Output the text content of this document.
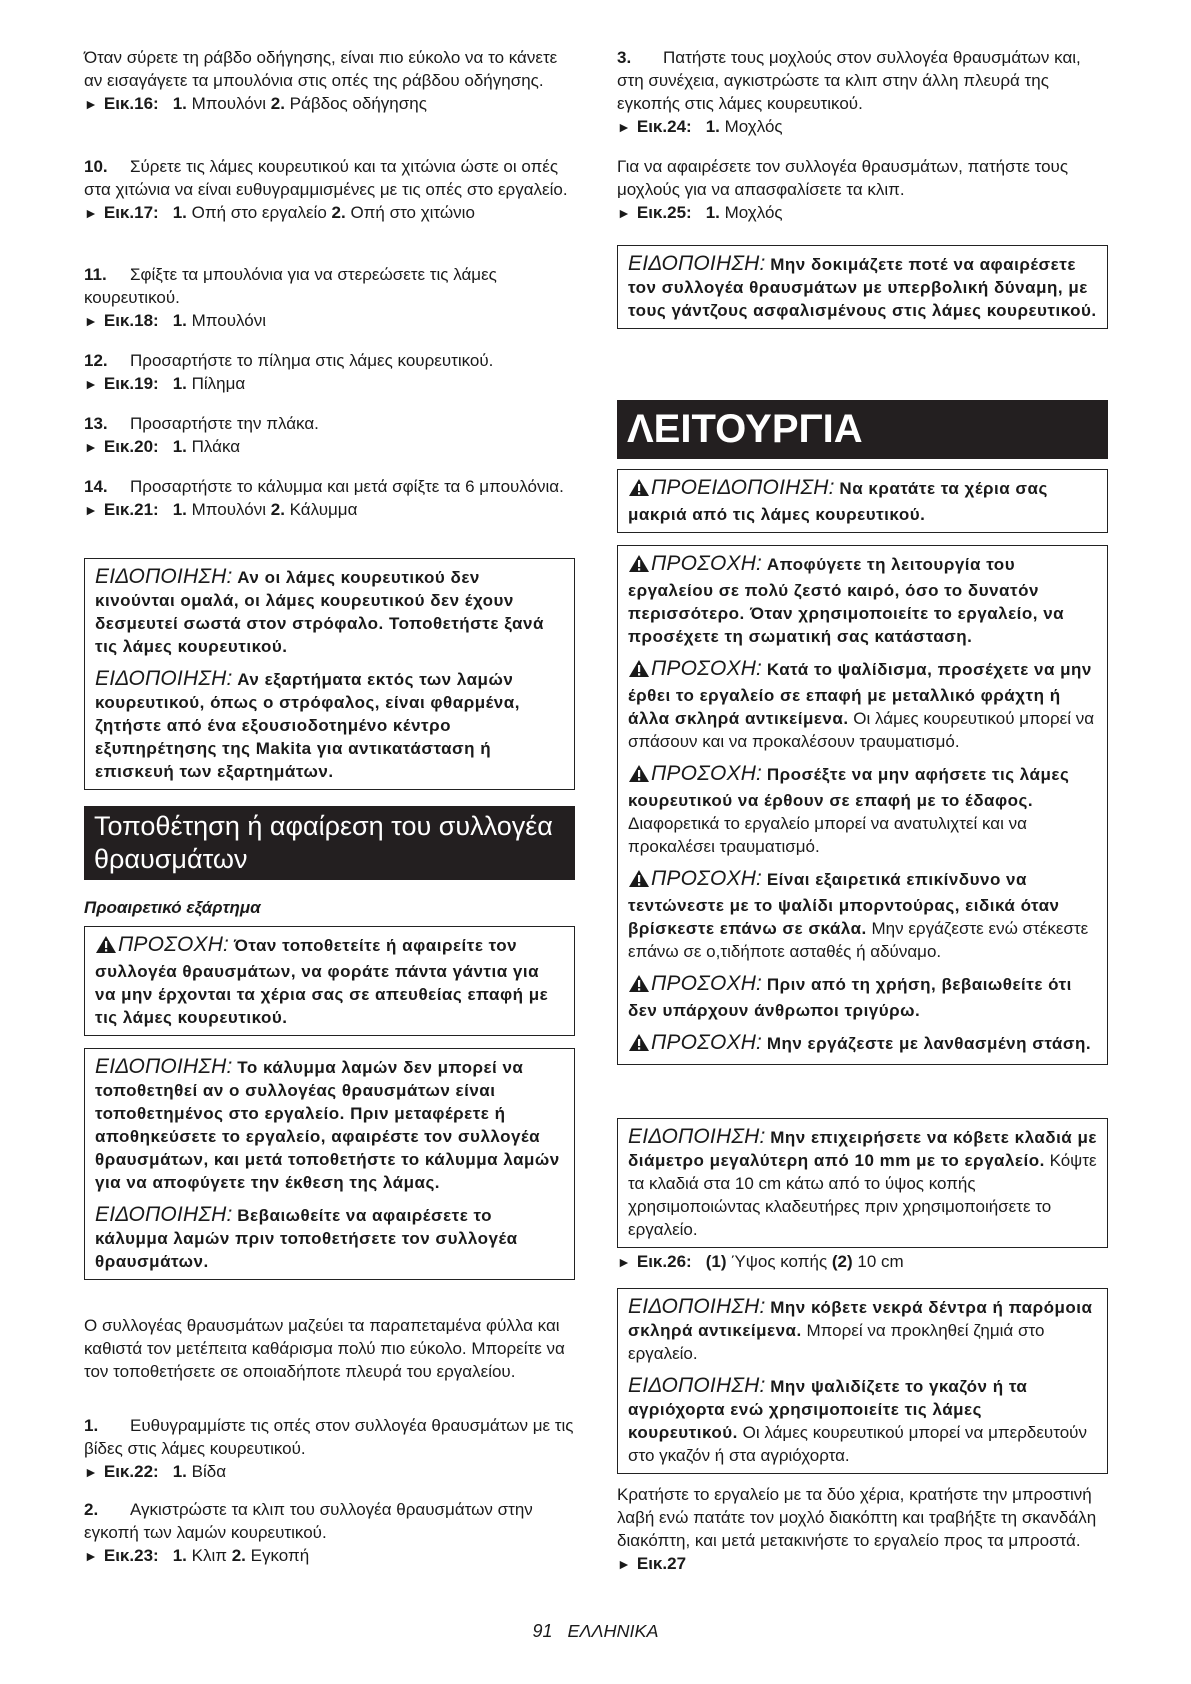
Όταν σύρετε τη ράβδο οδήγησης, είναι πιο εύκολο να το κάνετε αν εισαγάγετε τα μπουλόνια στις οπές της ράβδου οδήγησης.
► Εικ.16: 1. Μπουλόνι 2. Ράβδος οδήγησης
10. Σύρετε τις λάμες κουρευτικού και τα χιτώνια ώστε οι οπές στα χιτώνια να είναι ευθυγραμμισμένες με τις οπές στο εργαλείο.
► Εικ.17: 1. Οπή στο εργαλείο 2. Οπή στο χιτώνιο
11. Σφίξτε τα μπουλόνια για να στερεώσετε τις λάμες κουρευτικού.
► Εικ.18: 1. Μπουλόνι
12. Προσαρτήστε το πίλημα στις λάμες κουρευτικού.
► Εικ.19: 1. Πίλημα
13. Προσαρτήστε την πλάκα.
► Εικ.20: 1. Πλάκα
14. Προσαρτήστε το κάλυμμα και μετά σφίξτε τα 6 μπουλόνια.
► Εικ.21: 1. Μπουλόνι 2. Κάλυμμα

ΕΙΔΟΠΟΙΗΣΗ: Αν οι λάμες κουρευτικού δεν κινούνται ομαλά, οι λάμες κουρευτικού δεν έχουν δεσμευτεί σωστά στον στρόφαλο. Τοποθετήστε ξανά τις λάμες κουρευτικού.

ΕΙΔΟΠΟΙΗΣΗ: Αν εξαρτήματα εκτός των λαμών κουρευτικού, όπως ο στρόφαλος, είναι φθαρμένα, ζητήστε από ένα εξουσιοδοτημένο κέντρο εξυπηρέτησης της Makita για αντικατάσταση ή επισκευή των εξαρτημάτων.

Τοποθέτηση ή αφαίρεση του συλλογέα θραυσμάτων
Προαιρετικό εξάρτημα

ΠΡΟΣΟΧΗ: Όταν τοποθετείτε ή αφαιρείτε τον συλλογέα θραυσμάτων, να φοράτε πάντα γάντια για να μην έρχονται τα χέρια σας σε απευθείας επαφή με τις λάμες κουρευτικού.

ΕΙΔΟΠΟΙΗΣΗ: Το κάλυμμα λαμών δεν μπορεί να τοποθετηθεί αν ο συλλογέας θραυσμάτων είναι τοποθετημένος στο εργαλείο. Πριν μεταφέρετε ή αποθηκεύσετε το εργαλείο, αφαιρέστε τον συλλογέα θραυσμάτων, και μετά τοποθετήστε το κάλυμμα λαμών για να αποφύγετε την έκθεση της λάμας.

ΕΙΔΟΠΟΙΗΣΗ: Βεβαιωθείτε να αφαιρέσετε το κάλυμμα λαμών πριν τοποθετήσετε τον συλλογέα θραυσμάτων.

Ο συλλογέας θραυσμάτων μαζεύει τα παραπεταμένα φύλλα και καθιστά τον μετέπειτα καθάρισμα πολύ πιο εύκολο. Μπορείτε να τον τοποθετήσετε σε οποιαδήποτε πλευρά του εργαλείου.
1. Ευθυγραμμίστε τις οπές στον συλλογέα θραυσμάτων με τις βίδες στις λάμες κουρευτικού.
► Εικ.22: 1. Βίδα
2. Αγκιστρώστε τα κλιπ του συλλογέα θραυσμάτων στην εγκοπή των λαμών κουρευτικού.
► Εικ.23: 1. Κλιπ 2. Εγκοπή
3. Πατήστε τους μοχλούς στον συλλογέα θραυσμάτων και, στη συνέχεια, αγκιστρώστε τα κλιπ στην άλλη πλευρά της εγκοπής στις λάμες κουρευτικού.
► Εικ.24: 1. Μοχλός
Για να αφαιρέσετε τον συλλογέα θραυσμάτων, πατήστε τους μοχλούς για να απασφαλίσετε τα κλιπ.
► Εικ.25: 1. Μοχλός

ΕΙΔΟΠΟΙΗΣΗ: Μην δοκιμάζετε ποτέ να αφαιρέσετε τον συλλογέα θραυσμάτων με υπερβολική δύναμη, με τους γάντζους ασφαλισμένους στις λάμες κουρευτικού.

ΛΕΙΤΟΥΡΓΙΑ

ΠΡΟΕΙΔΟΠΟΙΗΣΗ: Να κρατάτε τα χέρια σας μακριά από τις λάμες κουρευτικού.

ΠΡΟΣΟΧΗ: Αποφύγετε τη λειτουργία του εργαλείου σε πολύ ζεστό καιρό, όσο το δυνατόν περισσότερο. Όταν χρησιμοποιείτε το εργαλείο, να προσέχετε τη σωματική σας κατάσταση.

ΠΡΟΣΟΧΗ: Κατά το ψαλίδισμα, προσέχετε να μην έρθει το εργαλείο σε επαφή με μεταλλικό φράχτη ή άλλα σκληρά αντικείμενα. Οι λάμες κουρευτικού μπορεί να σπάσουν και να προκαλέσουν τραυματισμό.

ΠΡΟΣΟΧΗ: Προσέξτε να μην αφήσετε τις λάμες κουρευτικού να έρθουν σε επαφή με το έδαφος. Διαφορετικά το εργαλείο μπορεί να ανατυλιχτεί και να προκαλέσει τραυματισμό.

ΠΡΟΣΟΧΗ: Είναι εξαιρετικά επικίνδυνο να τεντώνεστε με το ψαλίδι μπορντούρας, ειδικά όταν βρίσκεστε επάνω σε σκάλα. Μην εργάζεστε ενώ στέκεστε επάνω σε ο,τιδήποτε ασταθές ή αδύναμο.

ΠΡΟΣΟΧΗ: Πριν από τη χρήση, βεβαιωθείτε ότι δεν υπάρχουν άνθρωποι τριγύρω.

ΠΡΟΣΟΧΗ: Μην εργάζεστε με λανθασμένη στάση.

ΕΙΔΟΠΟΙΗΣΗ: Μην επιχειρήσετε να κόβετε κλαδιά με διάμετρο μεγαλύτερη από 10 mm με το εργαλείο. Κόψτε τα κλαδιά στα 10 cm κάτω από το ύψος κοπής χρησιμοποιώντας κλαδευτήρες πριν χρησιμοποιήσετε το εργαλείο.

► Εικ.26: (1) Ύψος κοπής (2) 10 cm

ΕΙΔΟΠΟΙΗΣΗ: Μην κόβετε νεκρά δέντρα ή παρόμοια σκληρά αντικείμενα. Μπορεί να προκληθεί ζημιά στο εργαλείο.

ΕΙΔΟΠΟΙΗΣΗ: Μην ψαλιδίζετε το γκαζόν ή τα αγριόχορτα ενώ χρησιμοποιείτε τις λάμες κουρευτικού. Οι λάμες κουρευτικού μπορεί να μπερδευτούν στο γκαζόν ή στα αγριόχορτα.

Κρατήστε το εργαλείο με τα δύο χέρια, κρατήστε την μπροστινή λαβή ενώ πατάτε τον μοχλό διακόπτη και τραβήξτε τη σκανδάλη διακόπτη, και μετά μετακινήστε το εργαλείο προς τα μπροστά.
► Εικ.27
91 ΕΛΛΗΝΙΚΑ
